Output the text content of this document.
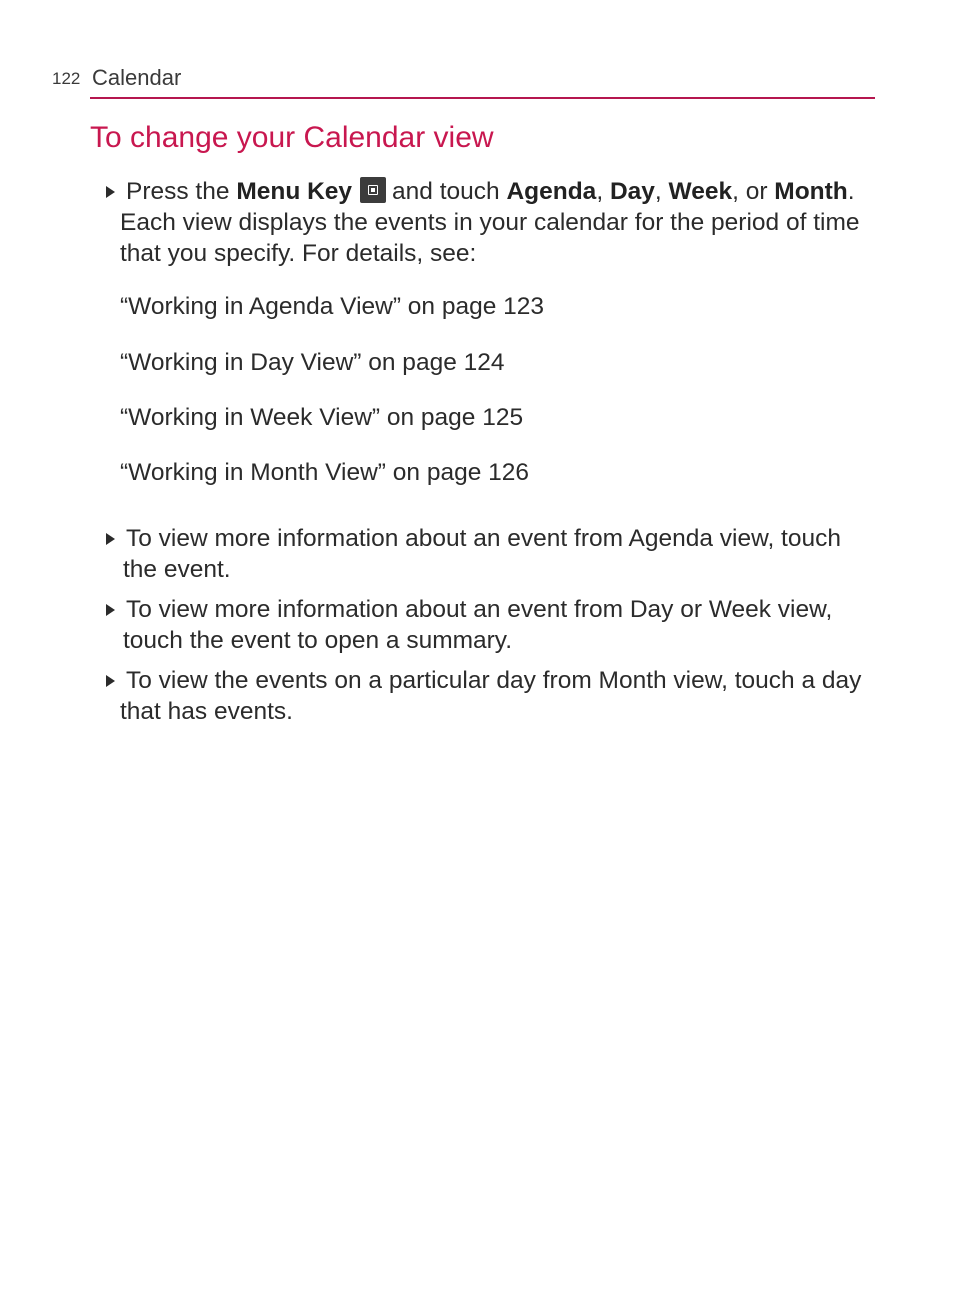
122 Calendar
To change your Calendar view
Press the Menu Key and touch Agenda, Day, Week, or Month.
Each view displays the events in your calendar for the period of time
that you specify. For details, see:
“Working in Agenda View” on page 123
“Working in Day View” on page 124
“Working in Week View” on page 125
“Working in Month View” on page 126
To view more information about an event from Agenda view, touch
the event.
To view more information about an event from Day or Week view,
touch the event to open a summary.
To view the events on a particular day from Month view, touch a day
that has events.
